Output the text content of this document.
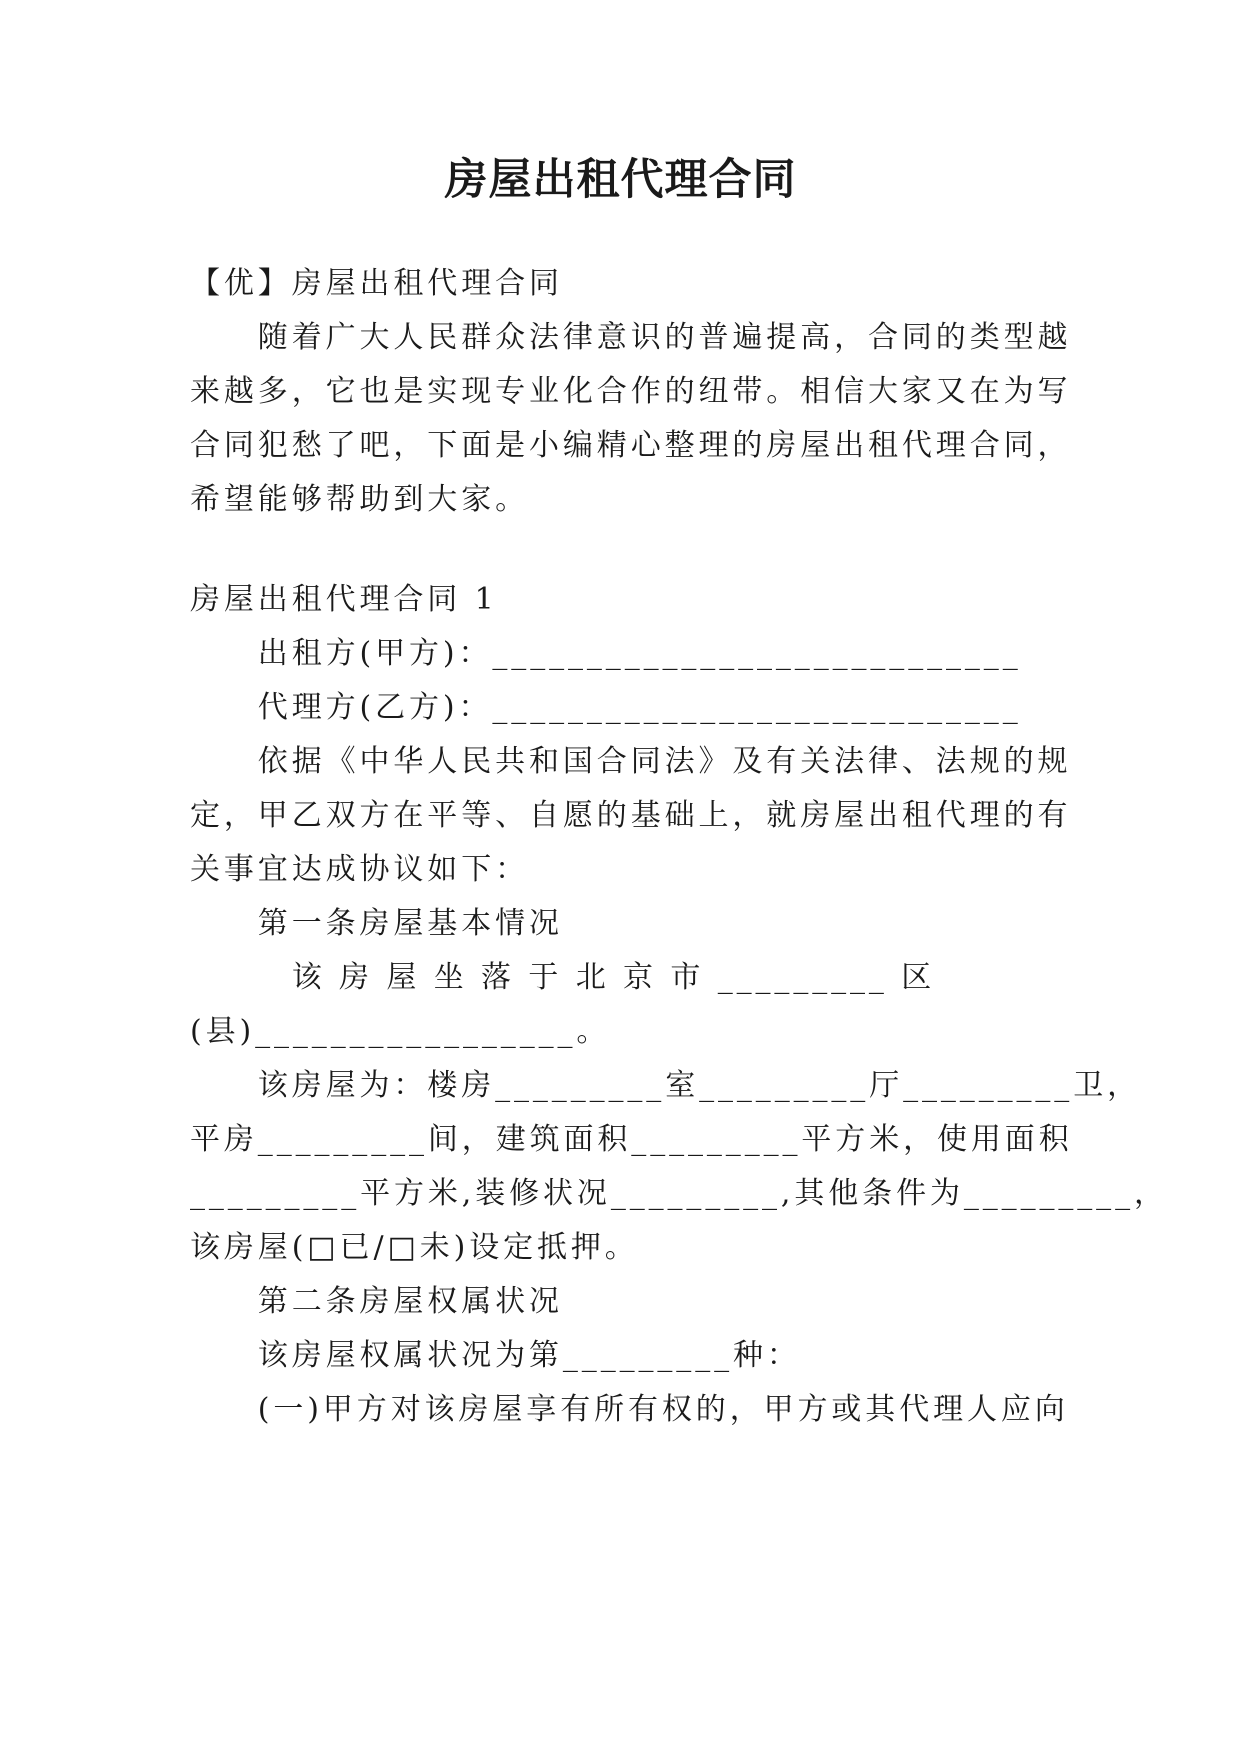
房屋出租代理合同
【优】房屋出租代理合同
　　随着广大人民群众法律意识的普遍提高，合同的类型越
来越多，它也是实现专业化合作的纽带。相信大家又在为写
合同犯愁了吧，下面是小编精心整理的房屋出租代理合同，
希望能够帮助到大家。
房屋出租代理合同 1
　　出租方(甲方)：____________________________
　　代理方(乙方)：____________________________
　　依据《中华人民共和国合同法》及有关法律、法规的规
定，甲乙双方在平等、自愿的基础上，就房屋出租代理的有
关事宜达成协议如下：
　　第一条房屋基本情况
　　　该 房 屋 坐 落 于 北 京 市 _________ 区
(县)_________________。
　　该房屋为：楼房_________室_________厅_________卫，
平房_________间，建筑面积_________平方米，使用面积
_________平方米,装修状况_________,其他条件为_________，
该房屋(□已/□未)设定抵押。
　　第二条房屋权属状况
　　该房屋权属状况为第_________种：
　　(一)甲方对该房屋享有所有权的，甲方或其代理人应向
